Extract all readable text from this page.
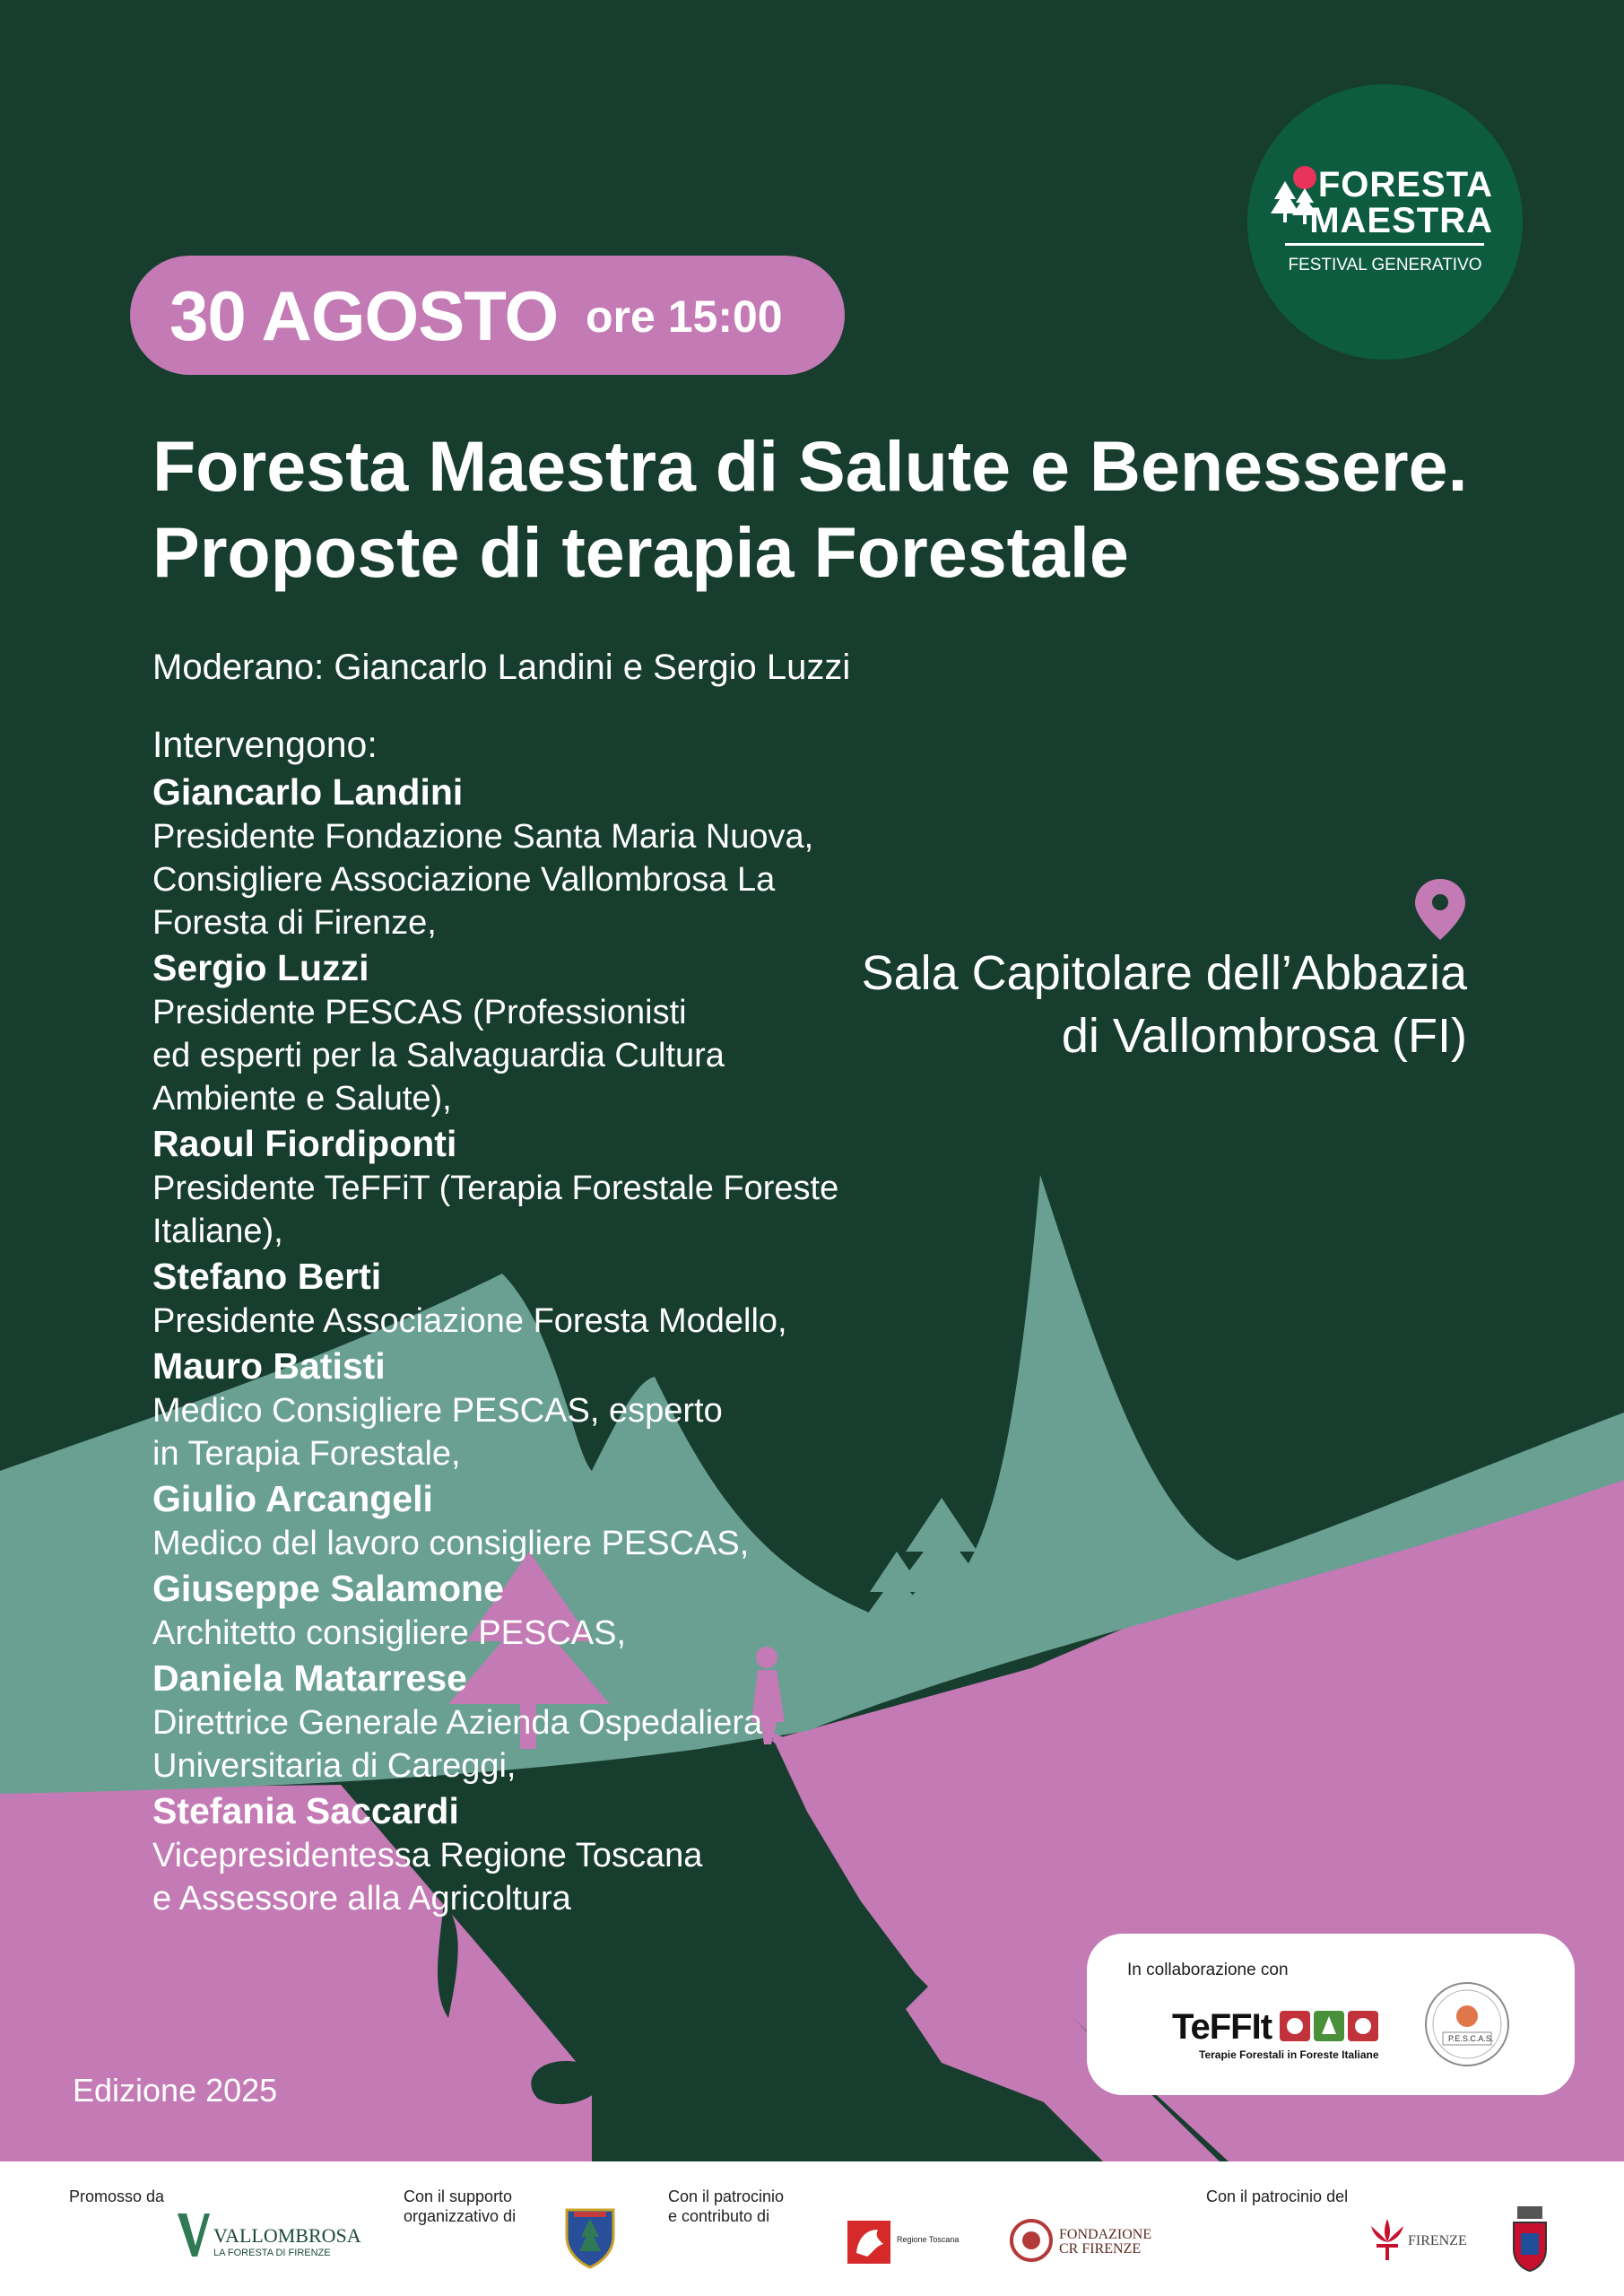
FORESTA
MAESTRA
FESTIVAL GENERATIVO
30 AGOSTO ore 15:00
Foresta Maestra di Salute e Benessere.
Proposte di terapia Forestale
Moderano: Giancarlo Landini e Sergio Luzzi
Intervengono:
Giancarlo Landini
Presidente Fondazione Santa Maria Nuova,
Consigliere Associazione Vallombrosa La
Foresta di Firenze,
Sergio Luzzi
Presidente PESCAS (Professionisti
ed esperti per la Salvaguardia Cultura
Ambiente e Salute),
Raoul Fiordiponti
Presidente TeFFiT (Terapia Forestale Foreste
Italiane),
Stefano Berti
Presidente Associazione Foresta Modello,
Mauro Batisti
Medico Consigliere PESCAS, esperto
in Terapia Forestale,
Giulio Arcangeli
Medico del lavoro consigliere PESCAS,
Giuseppe Salamone
Architetto consigliere PESCAS,
Daniela Matarrese
Direttrice Generale Azienda Ospedaliera
Universitaria di Careggi,
Stefania Saccardi
Vicepresidentessa Regione Toscana
e Assessore alla Agricoltura
Sala Capitolare dell’Abbazia
di Vallombrosa (FI)
In collaborazione con
TeFFIt
Terapie Forestali in Foreste Italiane
P.E.S.C.A.S.
Edizione 2025
Promosso da
VALLOMBROSA
LA FORESTA DI FIRENZE
Con il supporto
organizzativo di
Con il patrocinio
e contributo di
Regione Toscana	FONDAZIONE
CR FIRENZE
Con il patrocinio del
FIRENZE
